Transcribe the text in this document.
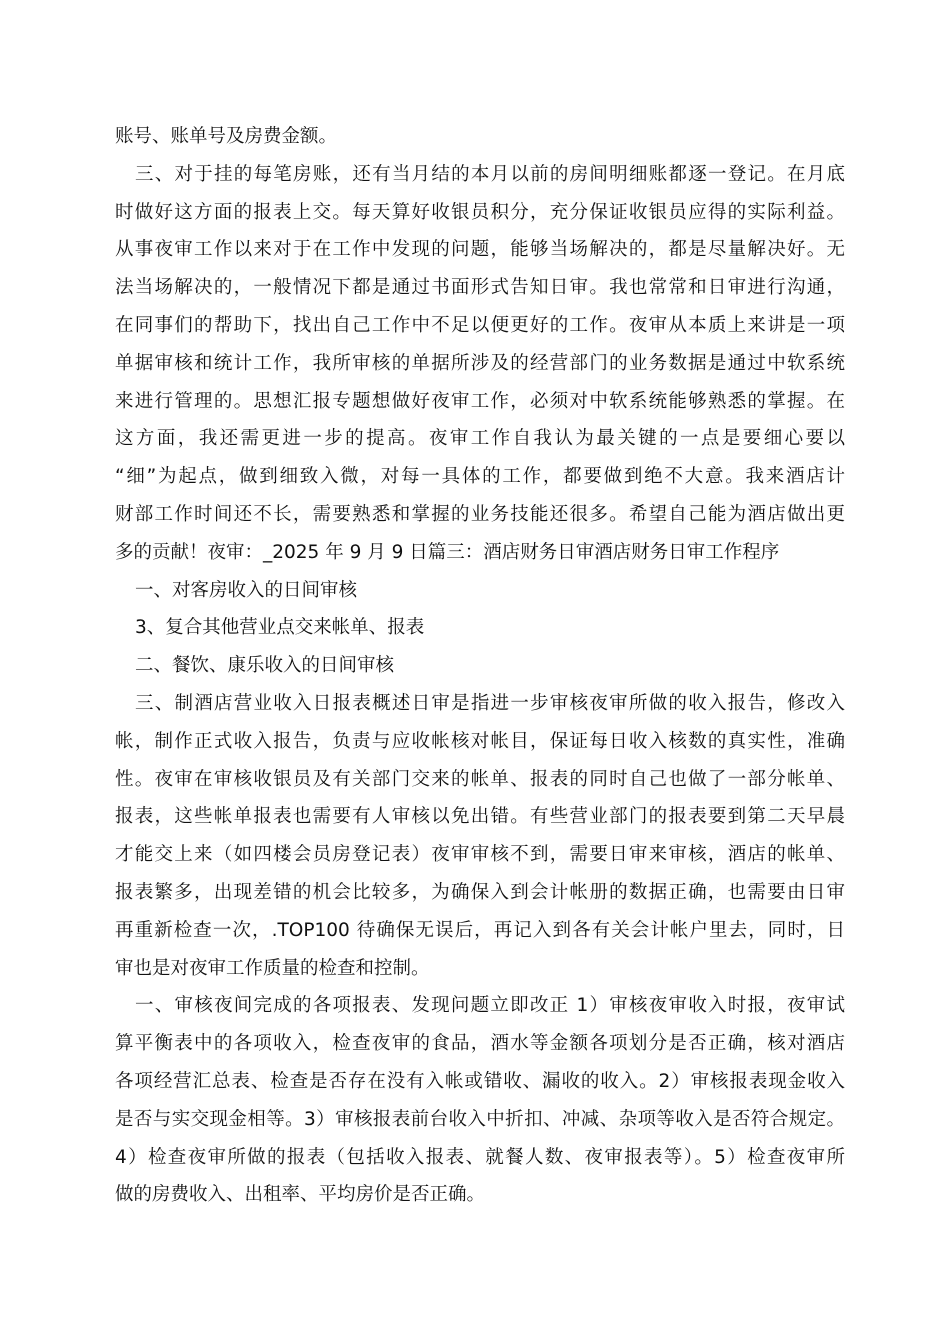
账号、账单号及房费金额。
三、对于挂的每笔房账，还有当月结的本月以前的房间明细账都逐一登记。在月底
时做好这方面的报表上交。每天算好收银员积分，充分保证收银员应得的实际利益。
从事夜审工作以来对于在工作中发现的问题，能够当场解决的，都是尽量解决好。无
法当场解决的，一般情况下都是通过书面形式告知日审。我也常常和日审进行沟通，
在同事们的帮助下，找出自己工作中不足以便更好的工作。夜审从本质上来讲是一项
单据审核和统计工作，我所审核的单据所涉及的经营部门的业务数据是通过中软系统
来进行管理的。思想汇报专题想做好夜审工作，必须对中软系统能够熟悉的掌握。在
这方面，我还需更进一步的提高。夜审工作自我认为最关键的一点是要细心要以
“细”为起点，做到细致入微，对每一具体的工作，都要做到绝不大意。我来酒店计
财部工作时间还不长，需要熟悉和掌握的业务技能还很多。希望自己能为酒店做出更
多的贡献！夜审：_2025 年 9 月 9 日篇三：酒店财务日审酒店财务日审工作程序
一、对客房收入的日间审核
3、复合其他营业点交来帐单、报表
二、餐饮、康乐收入的日间审核
三、制酒店营业收入日报表概述日审是指进一步审核夜审所做的收入报告，修改入
帐，制作正式收入报告，负责与应收帐核对帐目，保证每日收入核数的真实性，准确
性。夜审在审核收银员及有关部门交来的帐单、报表的同时自己也做了一部分帐单、
报表，这些帐单报表也需要有人审核以免出错。有些营业部门的报表要到第二天早晨
才能交上来（如四楼会员房登记表）夜审审核不到，需要日审来审核，酒店的帐单、
报表繁多，出现差错的机会比较多，为确保入到会计帐册的数据正确，也需要由日审
再重新检查一次，.TOP100 待确保无误后，再记入到各有关会计帐户里去，同时，日
审也是对夜审工作质量的检查和控制。
一、审核夜间完成的各项报表、发现问题立即改正 1）审核夜审收入时报，夜审试
算平衡表中的各项收入，检查夜审的食品，酒水等金额各项划分是否正确，核对酒店
各项经营汇总表、检查是否存在没有入帐或错收、漏收的收入。2）审核报表现金收入
是否与实交现金相等。3）审核报表前台收入中折扣、冲减、杂项等收入是否符合规定。
4）检查夜审所做的报表（包括收入报表、就餐人数、夜审报表等）。5）检查夜审所
做的房费收入、出租率、平均房价是否正确。
